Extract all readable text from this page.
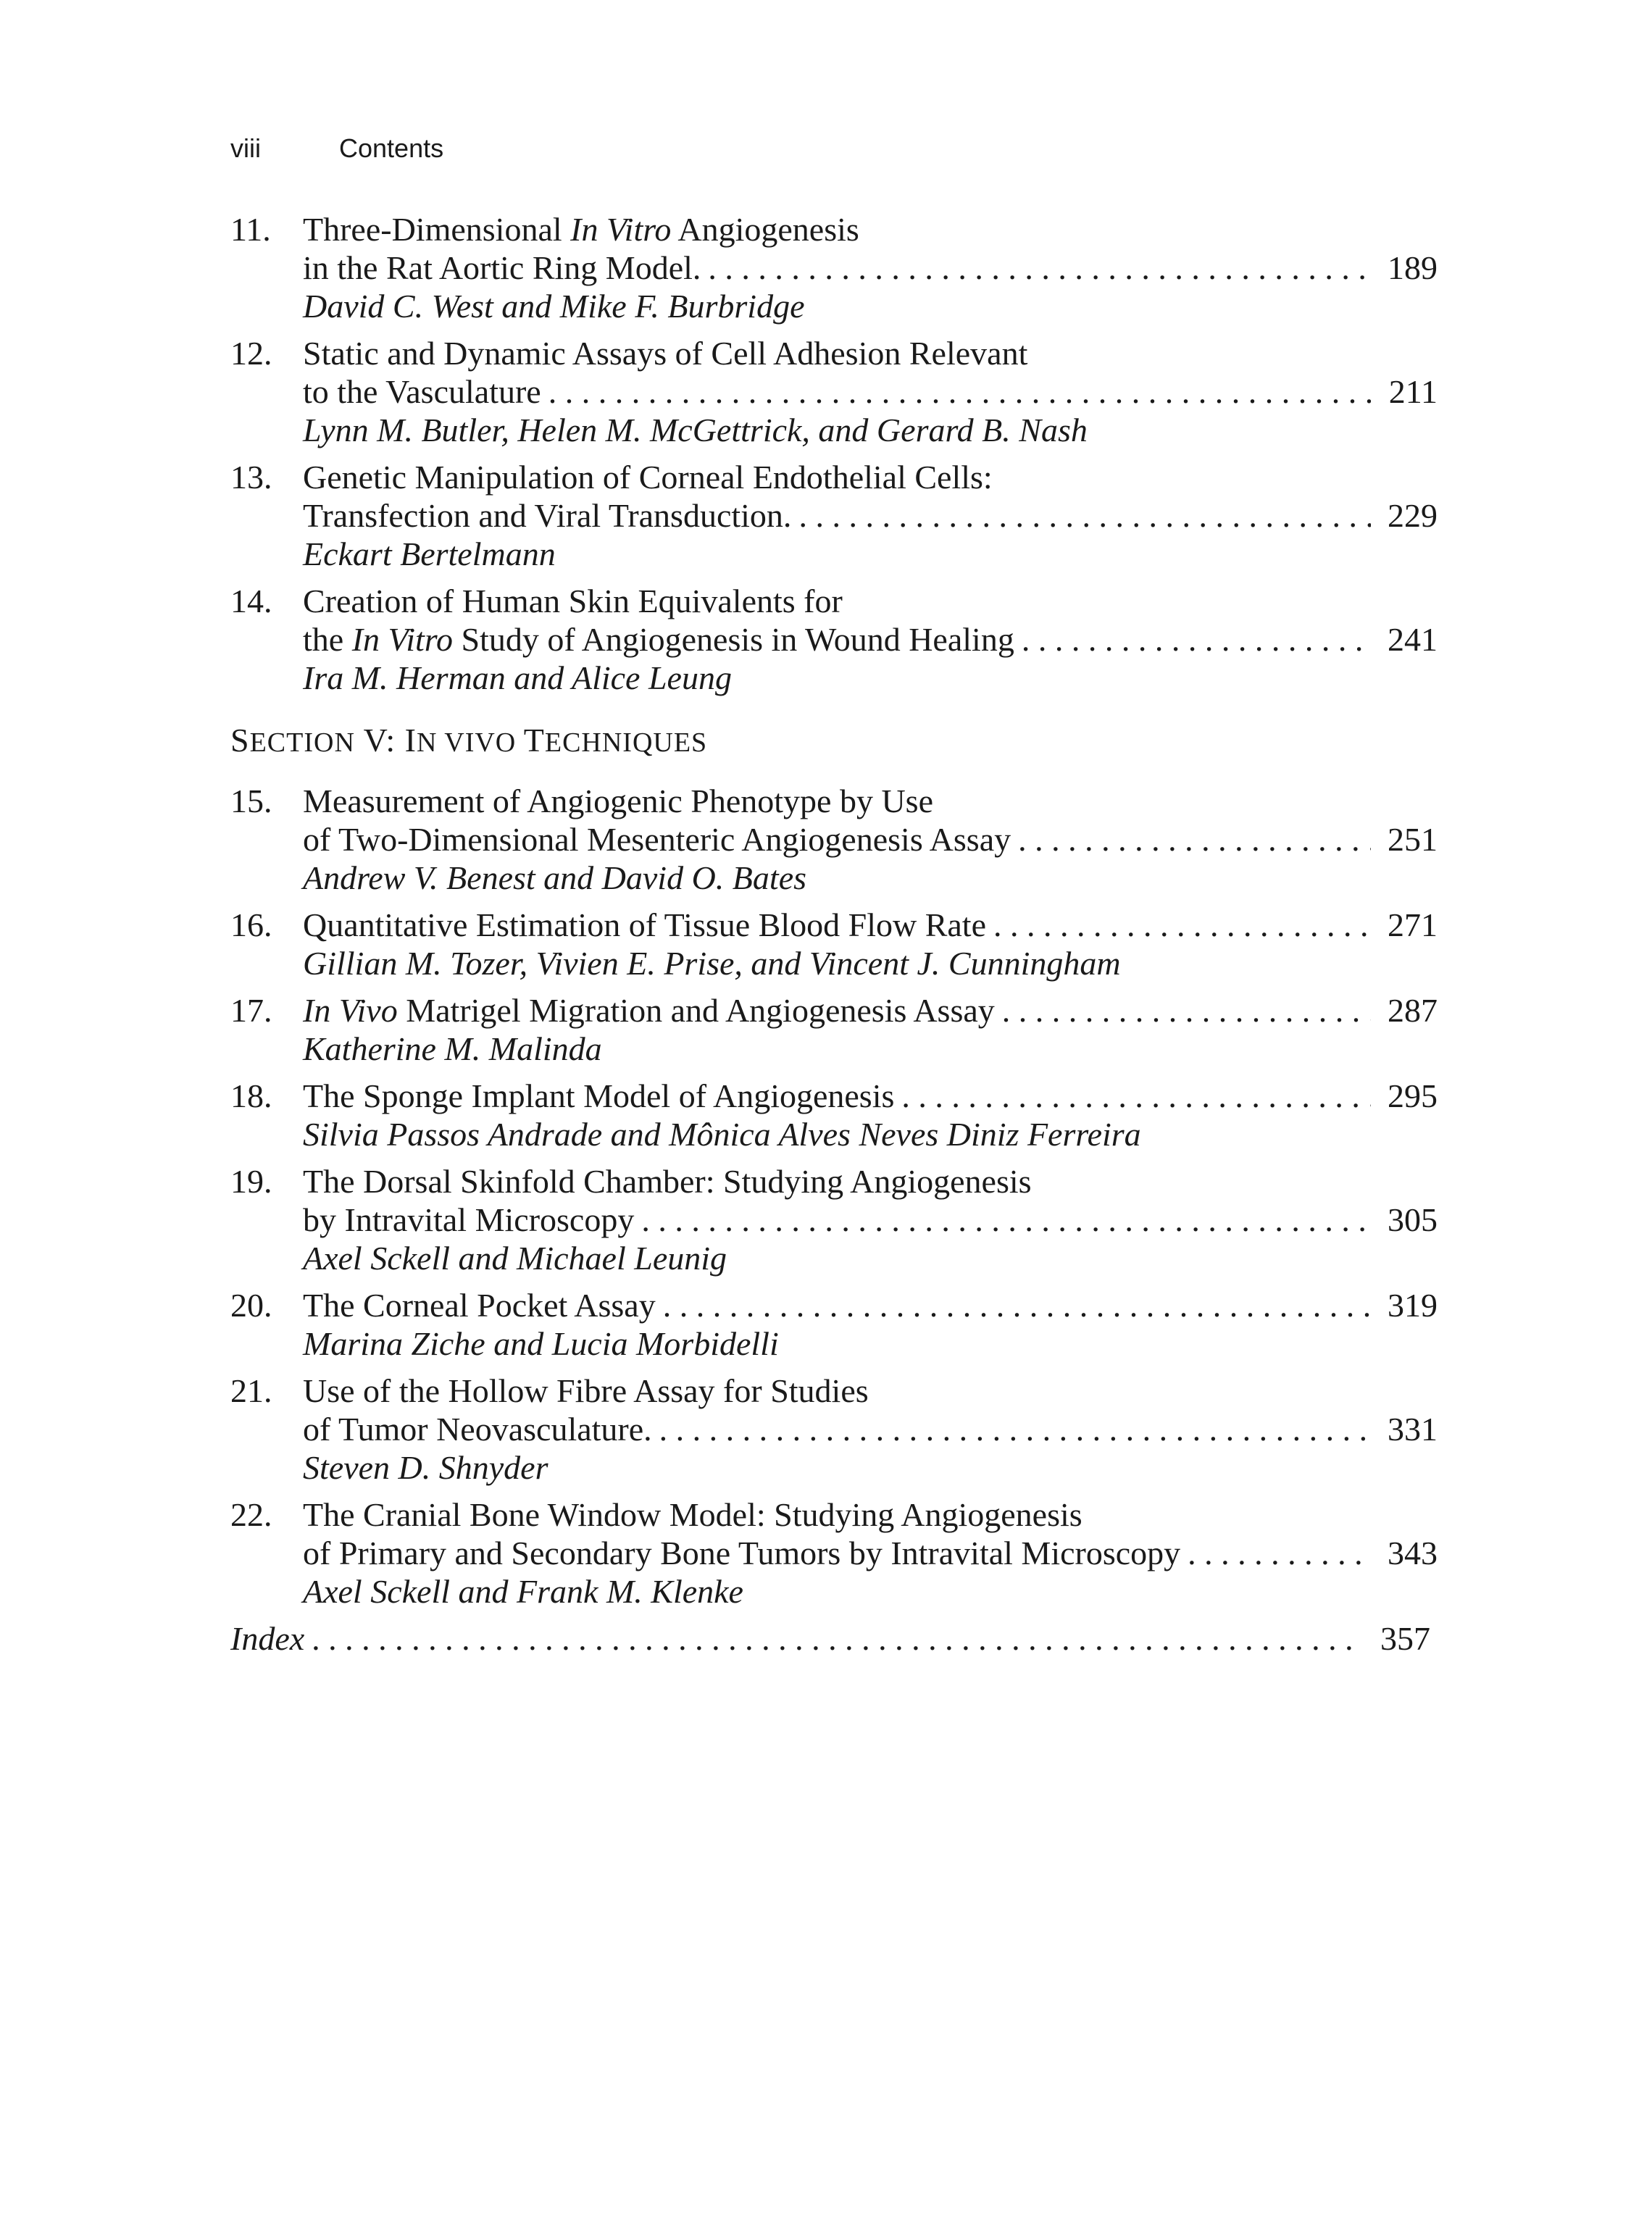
viii	Contents
11. Three-Dimensional In Vitro Angiogenesis
in the Rat Aortic Ring Model. . . .	189
David C. West and Mike F. Burbridge
12. Static and Dynamic Assays of Cell Adhesion Relevant
to the Vasculature . . .	211
Lynn M. Butler, Helen M. McGettrick, and Gerard B. Nash
13. Genetic Manipulation of Corneal Endothelial Cells:
Transfection and Viral Transduction. . . .	229
Eckart Bertelmann
14. Creation of Human Skin Equivalents for
the In Vitro Study of Angiogenesis in Wound Healing . . .	241
Ira M. Herman and Alice Leung
SECTION V: IN VIVO TECHNIQUES
15. Measurement of Angiogenic Phenotype by Use
of Two-Dimensional Mesenteric Angiogenesis Assay . . .	251
Andrew V. Benest and David O. Bates
16. Quantitative Estimation of Tissue Blood Flow Rate . . .	271
Gillian M. Tozer, Vivien E. Prise, and Vincent J. Cunningham
17. In Vivo Matrigel Migration and Angiogenesis Assay . . .	287
Katherine M. Malinda
18. The Sponge Implant Model of Angiogenesis . . .	295
Silvia Passos Andrade and Mônica Alves Neves Diniz Ferreira
19. The Dorsal Skinfold Chamber: Studying Angiogenesis
by Intravital Microscopy . . .	305
Axel Sckell and Michael Leunig
20. The Corneal Pocket Assay . . .	319
Marina Ziche and Lucia Morbidelli
21. Use of the Hollow Fibre Assay for Studies
of Tumor Neovasculature. . . .	331
Steven D. Shnyder
22. The Cranial Bone Window Model: Studying Angiogenesis
of Primary and Secondary Bone Tumors by Intravital Microscopy . . .	343
Axel Sckell and Frank M. Klenke
Index . . .	357
